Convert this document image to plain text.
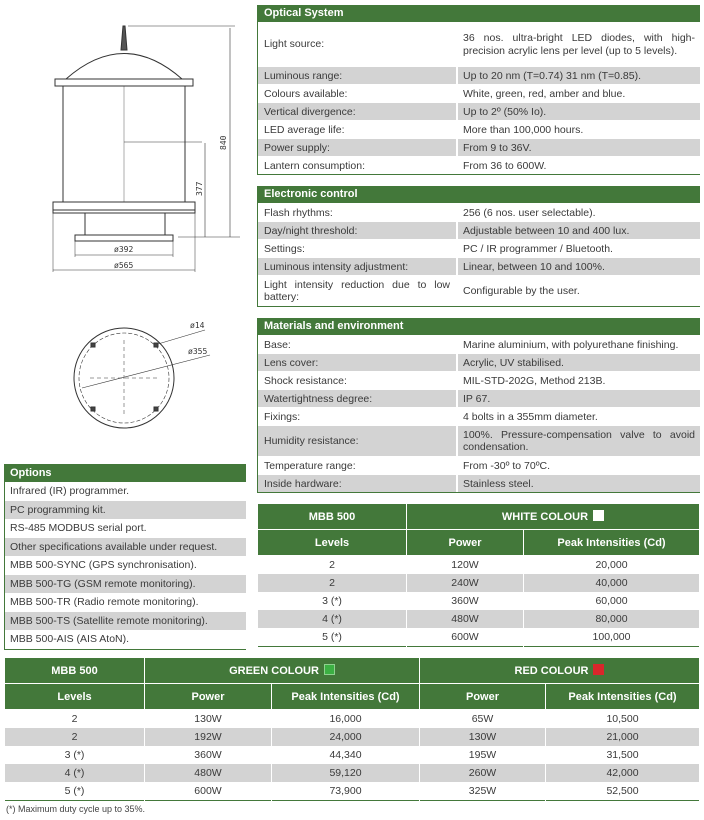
840
377
ø392
ø565
ø14
ø355
Optical System
Light source:
36 nos. ultra-bright LED diodes, with high-precision acrylic lens per level (up to 5 levels).
Luminous range:	Up to 20 nm (T=0.74) 31 nm (T=0.85).
Colours available:	White, green, red, amber and blue.
Vertical divergence:	Up to 2º (50% Io).
LED average life:	More than 100,000 hours.
Power supply:	From 9 to 36V.
Lantern consumption:	From 36 to 600W.
Electronic control
Flash rhythms:	256 (6 nos. user selectable).
Day/night threshold:	Adjustable between 10 and 400 lux.
Settings:	PC / IR programmer / Bluetooth.
Luminous intensity adjustment:	Linear, between 10 and 100%.
Light intensity reduction due to low battery:	Configurable by the user.
Materials and environment
Base:	Marine aluminium, with polyurethane finishing.
Lens cover:	Acrylic, UV stabilised.
Shock resistance:	MIL-STD-202G, Method 213B.
Watertightness degree:	IP 67.
Fixings:	4 bolts in a 355mm diameter.
Humidity resistance:	100%. Pressure-compensation valve to avoid condensation.
Temperature range:	From -30º to 70ºC.
Inside hardware:	Stainless steel.
Options
Infrared (IR) programmer.
PC programming kit.
RS-485 MODBUS serial port.
Other specifications available under request.
MBB 500-SYNC (GPS synchronisation).
MBB 500-TG (GSM remote monitoring).
MBB 500-TR (Radio remote monitoring).
MBB 500-TS (Satellite remote monitoring).
MBB 500-AIS (AIS AtoN).
MBB 500	WHITE COLOUR	
Levels	Power	Peak Intensities (Cd)
2	120W	20,000
2	240W	40,000
3 (*)	360W	60,000
4 (*)	480W	80,000
5 (*)	600W	100,000
MBB 500	GREEN COLOUR		RED COLOUR	
Levels	Power	Peak Intensities (Cd)	Power	Peak Intensities (Cd)
2	130W	16,000	65W	10,500
2	192W	24,000	130W	21,000
3 (*)	360W	44,340	195W	31,500
4 (*)	480W	59,120	260W	42,000
5 (*)	600W	73,900	325W	52,500
(*) Maximum duty cycle up to 35%.
